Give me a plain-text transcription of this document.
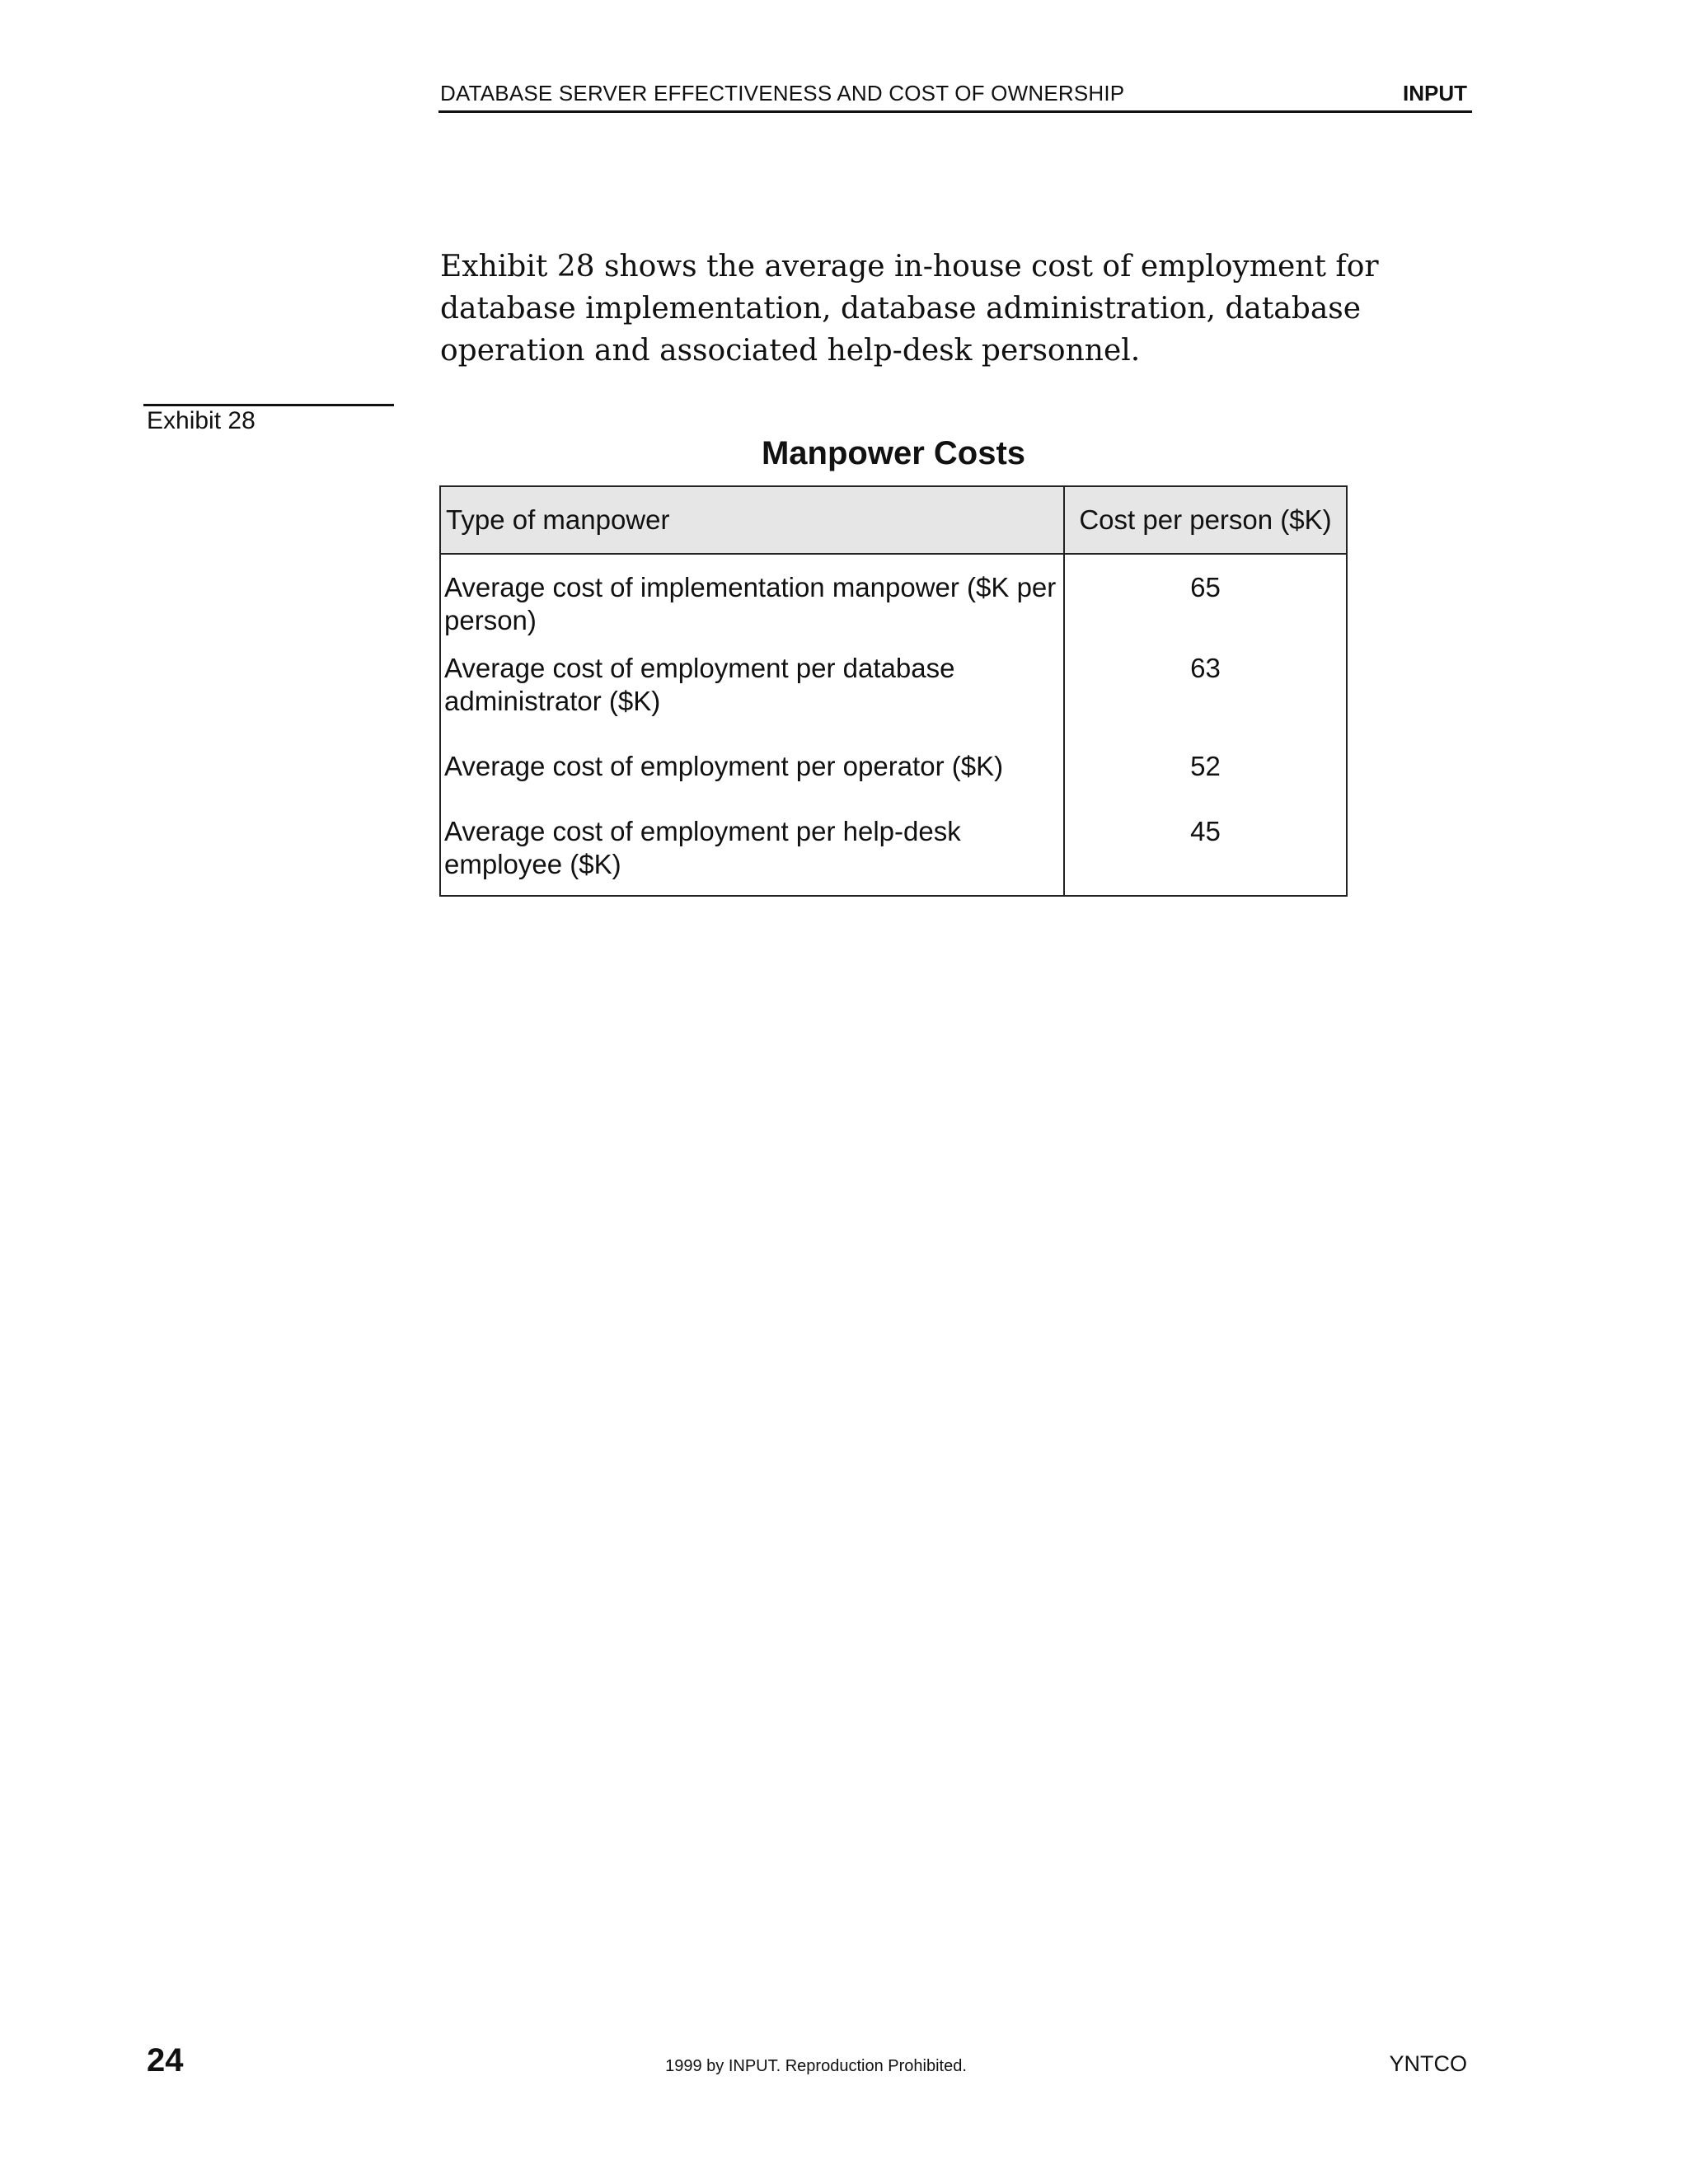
DATABASE SERVER EFFECTIVENESS AND COST OF OWNERSHIP	INPUT

Exhibit 28 shows the average in-house cost of employment for database implementation, database administration, database operation and associated help-desk personnel.

Exhibit 28
Manpower Costs
Type of manpower	Cost per person ($K)
Average cost of implementation manpower ($K per person)	65
Average cost of employment per database administrator ($K)	63
Average cost of employment per operator ($K)	52
Average cost of employment per help-desk employee ($K)	45
24	1999 by INPUT. Reproduction Prohibited.	YNTCO
